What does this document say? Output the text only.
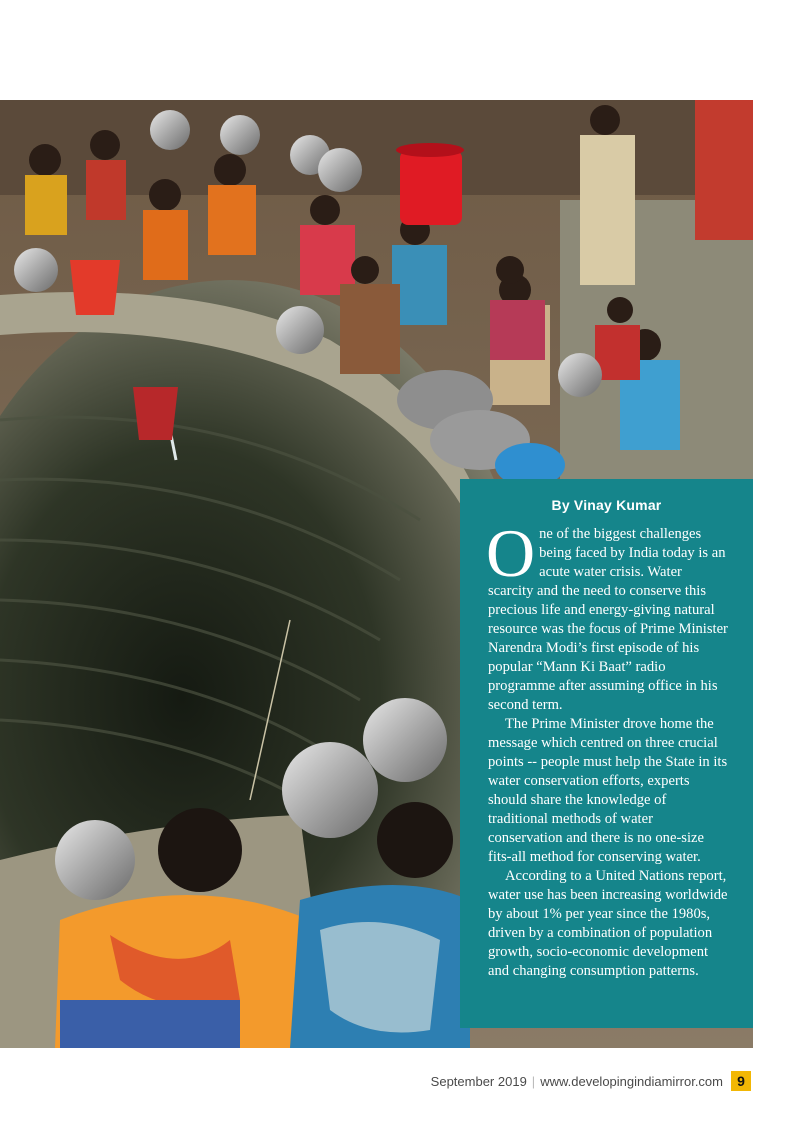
By Vinay Kumar

One of the biggest challenges being faced by India today is an acute water crisis. Water scarcity and the need to conserve this precious life and energy-giving natural resource was the focus of Prime Minister Narendra Modi’s first episode of his popular “Mann Ki Baat” radio programme after assuming office in his second term.

The Prime Minister drove home the message which centred on three crucial points -- people must help the State in its water conservation efforts, experts should share the knowledge of traditional methods of water conservation and there is no one-size fits-all method for conserving water.

According to a United Nations report, water use has been increasing worldwide by about 1% per year since the 1980s, driven by a combination of population growth, socio-economic development and changing consumption patterns.

September 2019 | www.developingindiamirror.com	9
